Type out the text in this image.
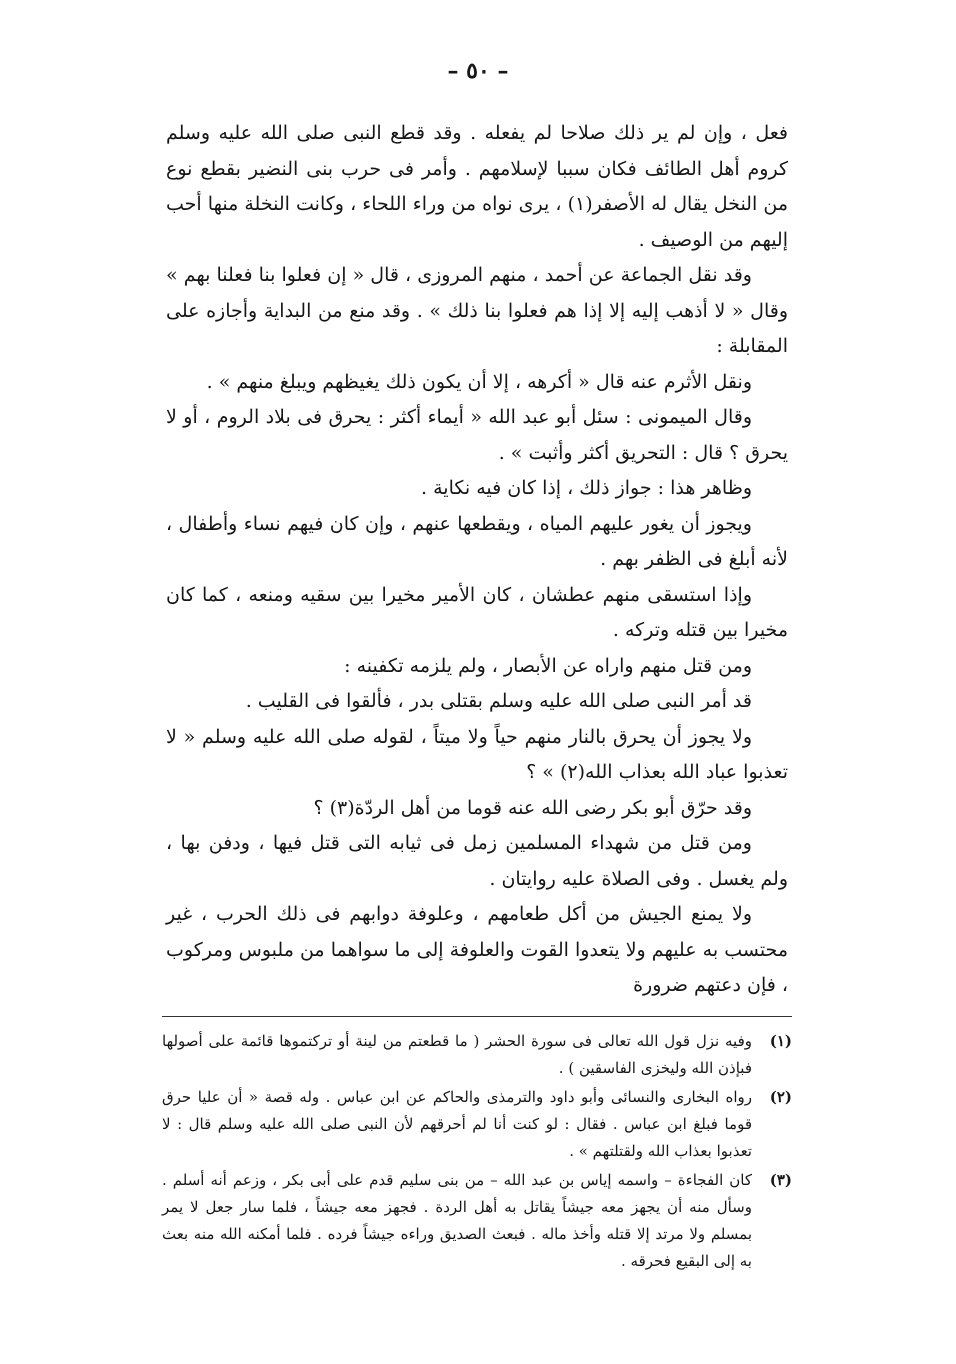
– ٥٠ –

فعل ، وإن لم ير ذلك صلاحا لم يفعله . وقد قطع النبى صلى الله عليه وسلم كروم أهل الطائف فكان سببا لإسلامهم . وأمر فى حرب بنى النضير بقطع نوع من النخل يقال له الأصفر(١) ، يرى نواه من وراء اللحاء ، وكانت النخلة منها أحب إليهم من الوصيف .

وقد نقل الجماعة عن أحمد ، منهم المروزى ، قال « إن فعلوا بنا فعلنا بهم » وقال « لا أذهب إليه إلا إذا هم فعلوا بنا ذلك » . وقد منع من البداية وأجازه على المقابلة :

ونقل الأثرم عنه قال « أكرهه ، إلا أن يكون ذلك يغيظهم ويبلغ منهم » .

وقال الميمونى : سئل أبو عبد الله « أيماء أكثر : يحرق فى بلاد الروم ، أو لا يحرق ؟ قال : التحريق أكثر وأثبت » .

وظاهر هذا : جواز ذلك ، إذا كان فيه نكاية .

ويجوز أن يغور عليهم المياه ، ويقطعها عنهم ، وإن كان فيهم نساء وأطفال ، لأنه أبلغ فى الظفر بهم .

وإذا استسقى منهم عطشان ، كان الأمير مخيرا بين سقيه ومنعه ، كما كان مخيرا بين قتله وتركه .

ومن قتل منهم واراه عن الأبصار ، ولم يلزمه تكفينه :

قد أمر النبى صلى الله عليه وسلم بقتلى بدر ، فألقوا فى القليب .

ولا يجوز أن يحرق بالنار منهم حياً ولا ميتاً ، لقوله صلى الله عليه وسلم « لا تعذبوا عباد الله بعذاب الله(٢) » ؟

وقد حرّق أبو بكر رضى الله عنه قوما من أهل الردّة(٣) ؟

ومن قتل من شهداء المسلمين زمل فى ثيابه التى قتل فيها ، ودفن بها ، ولم يغسل . وفى الصلاة عليه روايتان .

ولا يمنع الجيش من أكل طعامهم ، وعلوفة دوابهم فى ذلك الحرب ، غير محتسب به عليهم ولا يتعدوا القوت والعلوفة إلى ما سواهما من ملبوس ومركوب ، فإن دعتهم ضرورة

(١)
وفيه نزل قول الله تعالى فى سورة الحشر ( ما قطعتم من لينة أو تركتموها قائمة على أصولها فبإذن الله وليخزى الفاسقين ) .
(٢)
رواه البخارى والنسائى وأبو داود والترمذى والحاكم عن ابن عباس . وله قصة « أن عليا حرق قوما فبلغ ابن عباس . فقال : لو كنت أنا لم أحرقهم لأن النبى صلى الله عليه وسلم قال : لا تعذبوا بعذاب الله ولقتلتهم » .
(٣)
كان الفجاءة – واسمه إياس بن عبد الله – من بنى سليم قدم على أبى بكر ، وزعم أنه أسلم . وسأل منه أن يجهز معه جيشاً يقاتل به أهل الردة . فجهز معه جيشاً ، فلما سار جعل لا يمر بمسلم ولا مرتد إلا قتله وأخذ ماله . فبعث الصديق وراءه جيشاً فرده . فلما أمكنه الله منه بعث به إلى البقيع فحرقه .
